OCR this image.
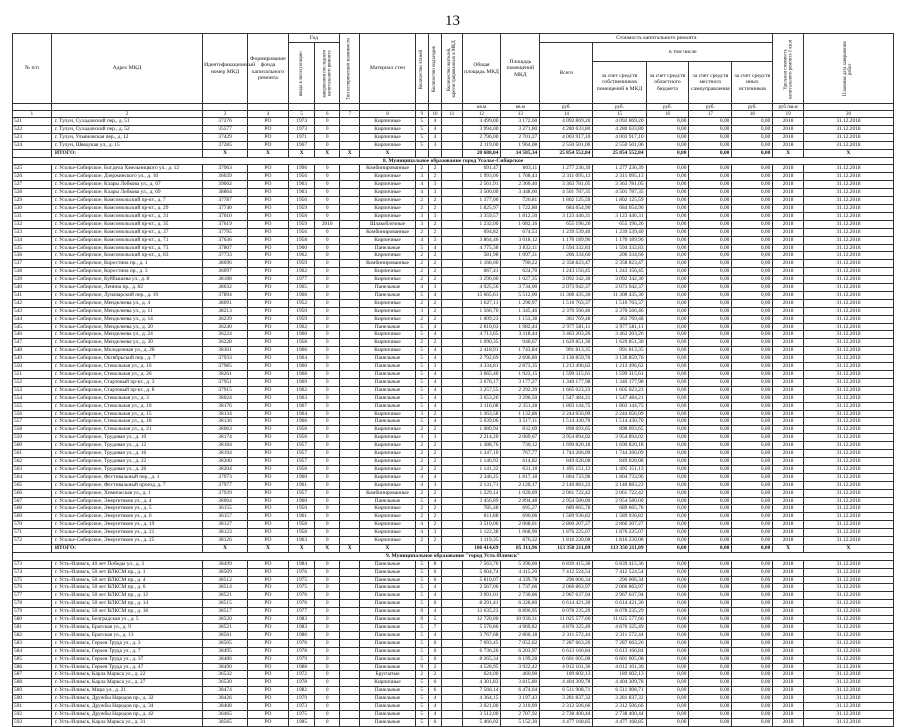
13
№ п/п	Адрес МКД	Идентификационный номер МКД	Формирование фонда капитального ремонта	Год		Тип исторической значимости	Материал стен	Количество этажей	Количество подъездов	Количество жителей, зарегистрированных в МКД	Общая площадь МКД	Площадь помещений МКД	Стоимость капитального ремонта					Удельная стоимость капитального ремонта 1 кв.м	Плановая дата завершения работ
				ввода в эксплуатацию	завершения последнего капитального ремонта								Всего	в том числе					
														за счет средств собственников помещений в МКД	за счет средств областного бюджета	за счет средств местного самоуправления	за счет средств иных источников		
											кв.м	кв.м	руб.	руб.	руб.	руб.	руб.	руб./кв.м	
1	2	3	4	5	6	7	8	9	10	11	12	13	14	15	16	17	18	19	20
521	г. Тулун, Сухадовский пер., д. 51	37276	РО	1973	0		Кирпичные	5	4		3 499,00	3 172,60	4 092 869,20	4 092 869,20	0,00	0,00	0,00	2018	31.12.2018
522	г. Тулун, Сухадовский пер., д. 52	35577	РО	1973	0		Кирпичные	5	4		3 994,00	3 271,80	4 280 633,80	4 280 633,80	0,00	0,00	0,00	2018	31.12.2018
523	г. Тулун, Ульяновская пер., д. 12	37429	РО	1971	0		Кирпичные	5	4		2 796,00	2 701,27	4 003 917,10	4 003 917,10	0,00	0,00	0,00	2018	31.12.2018
524	г. Тулун, Шведская ул., д. 15	37285	РО	1967	0		Кирпичные	5	3		2 119,00	1 964,08	2 550 501,06	2 550 501,06	0,00	0,00	0,00	2018	31.12.2018
	ИТОГО:	X	X	X	X	X	X				20 688,04	14 585,34	25 854 552,84	25 854 552,84	0,00	0,00	0,00	X	X
8. Муниципальное образование город Усолье-Сибирское																			
525	г. Усолье-Сибирское, Бог.дела Хмельницкого ул., д. 12	37963	РО	1996	0		Комбинированные	2	2		691,47	603,11	1 277 236,39	1 277 236,39	0,00	0,00	0,00	2018	31.12.2018
526	г. Усолье-Сибирское, Дзержинского ул., д. 10	36039	РО	1956	0		Кирпичные	3	2		1 993,06	1 768,43	2 311 095,13	2 311 095,13	0,00	0,00	0,00	2018	31.12.2018
527	г. Усолье-Сибирское, Клары Лобкова ул., д. 67	39062	РО	1963	0		Кирпичные	4	3		2 561,91	2 360,40	3 363 781,05	3 363 781,05	0,00	0,00	0,00	2018	31.12.2018
528	г. Усолье-Сибирское, Клары Лобкова ул., д. 69	38864	РО	1963	0		Кирпичные	4	3		3 500,00	3 448,60	4 501 787,35	4 501 787,35	0,00	0,00	0,00	2018	31.12.2018
529	г. Усолье-Сибирское, Комсомольский пр-кт., д. 7	37787	РО	1956	0		Кирпичные	2	2		1 377,06	726,81	1 802 125,59	1 802 125,59	0,00	0,00	0,00	2018	31.12.2018
530	г. Усолье-Сибирское, Комсомольский пр-кт., д. 29	37740	РО	1959	0		Кирпичные	2	2		1 825,97	1 722,80	684 654,90	684 654,90	0,00	0,00	0,00	2018	31.12.2018
531	г. Усолье-Сибирское, Комсомольский пр-кт., д. 31	37610	РО	1958	0		Кирпичные	3	3		3 359,57	1 812,50	3 123 446,31	3 123 446,31	0,00	0,00	0,00	2018	31.12.2018
532	г. Усолье-Сибирское, Комсомольский пр-кт., д. 35	37619	РО	1959	2010		Шлакоблочные	3	2		1 232,00	1 082,16	655 196,26	655 196,26	0,00	0,00	0,00	2018	31.12.2018
533	г. Усолье-Сибирское, Комсомольский пр-кт., д. 37	37795	РО	1956	0		Комбинированные	2	2		694,82	674,53	1 239 539,40	1 239 539,40	0,00	0,00	0,00	2018	31.12.2018
534	г. Усолье-Сибирское, Комсомольский пр-кт., д. 71	37636	РО	1958	0		Кирпичные	4	3		3 864,46	3 018,12	1 170 189,96	1 170 189,96	0,00	0,00	0,00	2018	31.12.2018
535	г. Усолье-Сибирское, Комсомольский пр-кт., д. 73	37807	РО	1960	0		Панельные	5	4		4 775,38	3 832,11	1 594 332,83	1 594 332,83	0,00	0,00	0,00	2018	31.12.2018
536	г. Усолье-Сибирское, Комсомольский пр-кт., д. 83	37733	РО	1962	0		Кирпичные	2	2		581,98	1 097,31	206 334,60	206 334,60	0,00	0,00	0,00	2018	31.12.2018
537	г. Усолье-Сибирское, Коростина пр., д. 1	38696	РО	1959	0		Комбинированные	2	2		1 168,00	790,22	2 358 823,47	2 358 823,47	0,00	0,00	0,00	2018	31.12.2018
538	г. Усолье-Сибирское, Коростина пр., д. 3	36097	РО	1962	0		Кирпичные	2	2		667,41	624,70	1 243 156,45	1 243 156,45	0,00	0,00	0,00	2018	31.12.2018
539	г. Усолье-Сибирское, Куйбышева ул., д. 8	38188	РО	1977	0		Кирпичные	2	2		3 296,00	1 027,35	3 092 342,30	3 092 342,30	0,00	0,00	0,00	2018	31.12.2018
540	г. Усолье-Сибирское, Ленина пр., д. 82	38032	РО	1965	0		Панельные	4	3		4 025,56	3 734,00	2 073 942,37	2 073 942,37	0,00	0,00	0,00	2018	31.12.2018
541	г. Усолье-Сибирское, Луначарский пер., д. 19	37894	РО	1966	0		Панельные	5	4		15 665,61	5 512,00	11 308 435,30	11 308 435,30	0,00	0,00	0,00	2018	31.12.2018
542	г. Усолье-Сибирское, Менделеева ул., д. 4	38091	РО	1952	0		Кирпичные	2	2		1 627,11	1 290,97	1 516 763,37	1 516 763,37	0,00	0,00	0,00	2018	31.12.2018
543	г. Усолье-Сибирское, Менделеева ул., д. 11	38213	РО	1950	0		Кирпичные	3	2		1 566,70	1 345,46	2 370 566,46	2 370 566,46	0,00	0,00	0,00	2018	31.12.2018
544	г. Усолье-Сибирское, Менделеева ул., д. 14	36239	РО	1959	0		Кирпичные	2	2		1 609,23	1 153,38	363 769,48	363 769,48	0,00	0,00	0,00	2018	31.12.2018
545	г. Усолье-Сибирское, Менделеева ул., д. 20	36240	РО	1962	0		Панельные	5	4		2 810,03	1 982,44	2 977 581,11	2 977 581,11	0,00	0,00	0,00	2018	31.12.2018
546	г. Усолье-Сибирское, Менделеева ул., д. 24	36224	РО	1960	0		Кирпичные	5	4		4 713,65	3 118,44	3 463 203,26	3 463 203,26	0,00	0,00	0,00	2018	31.12.2018
547	г. Усолье-Сибирское, Менделеева ул., д. 30	36228	РО	1958	0		Кирпичные	2	2		1 090,35	948,67	1 629 851,30	1 629 851,30	0,00	0,00	0,00	2018	31.12.2018
548	г. Усолье-Сибирское, Молодежная ул., д. 28	38301	РО	1966	0		Кирпичные	5	4		2 418,91	1 743,84	991 813,35	991 813,35	0,00	0,00	0,00	2018	31.12.2018
549	г. Усолье-Сибирское, Октябрьский пер., д. 7	37933	РО	1964	0		Панельные	5	4		2 792,69	2 696,80	3 130 859,76	3 130 859,76	0,00	0,00	0,00	2018	31.12.2018
550	г. Усолье-Сибирское, Стекольная ул., д. 16	37985	РО	1960	0		Панельные	5	3		4 334,81	2 873,35	1 213 496,62	1 213 496,62	0,00	0,00	0,00	2018	31.12.2018
551	г. Усолье-Сибирское, Стекольная ул., д. 26	38261	РО	1968	0		Панельные	5	4		3 665,40	1 923,15	1 599 315,61	1 599 315,61	0,00	0,00	0,00	2018	31.12.2018
552	г. Усолье-Сибирское, Стартовый пр-кт., д. 3	37951	РО	1969	0		Панельные	5	4		3 676,17	3 177,27	1 340 177,98	1 340 177,98	0,00	0,00	0,00	2018	31.12.2018
553	г. Усолье-Сибирское, Стартовый пр-кт., д. 8	37915	РО	1962	0		Панельные	5	4		3 257,55	2 292,39	1 605 023,23	1 605 023,23	0,00	0,00	0,00	2018	31.12.2018
554	г. Усолье-Сибирское, Стекольная ул., д. 3	38024	РО	1963	0		Панельные	5	4		3 653,26	3 296,50	1 547 484,21	1 547 484,21	0,00	0,00	0,00	2018	31.12.2018
555	г. Усолье-Сибирское, Стекольная ул., д. 10	38176	РО	1967	0		Панельные	5	4		3 116,08	2 351,28	1 803 144,75	1 803 144,75	0,00	0,00	0,00	2018	31.12.2018
556	г. Усолье-Сибирское, Стекольная ул., д. 15	38134	РО	1964	0		Кирпичные	3	2		1 363,58	1 132,86	2 244 656,09	2 244 656,09	0,00	0,00	0,00	2018	31.12.2018
557	г. Усолье-Сибирское, Стекольная ул., д. 18	38136	РО	1966	0		Панельные	5	4		5 039,06	3 517,11	1 514 430,70	1 514 430,70	0,00	0,00	0,00	2018	31.12.2018
558	г. Усолье-Сибирское, Стекольная ул., д. 21	38063	РО	1958	0		Кирпичные	2	2		1 080,94	832,69	898 693,65	898 693,65	0,00	0,00	0,00	2018	31.12.2018
559	г. Усолье-Сибирское, Трудовая ул., д. 10	38174	РО	1956	0		Кирпичные	3	3		2 214,20	2 069,67	3 954 894,02	3 954 894,02	0,00	0,00	0,00	2018	31.12.2018
560	г. Усолье-Сибирское, Трудовая ул., д. 12	38184	РО	1957	0		Кирпичные	2	2		1 388,76	730,12	1 690 820,18	1 690 820,18	0,00	0,00	0,00	2018	31.12.2018
561	г. Усолье-Сибирское, Трудовая ул., д. 16	38194	РО	1957	0		Кирпичные	2	2		1 347,10	767,77	1 744 266,09	1 744 266,09	0,00	0,00	0,00	2018	31.12.2018
562	г. Усолье-Сибирское, Трудовая ул., д. 22	38200	РО	1957	0		Кирпичные	2	2		1 146,93	614,82	849 028,08	849 028,08	0,00	0,00	0,00	2018	31.12.2018
563	г. Усолье-Сибирское, Трудовая ул., д. 26	38204	РО	1958	0		Кирпичные	2	2		1 141,32	631,18	1 495 151,13	1 495 151,13	0,00	0,00	0,00	2018	31.12.2018
564	г. Усолье-Сибирское, Фестивальный пер., д. 1	37973	РО	1960	0		Кирпичные	4	4		2 346,25	1 817,18	1 804 733,96	1 804 733,96	0,00	0,00	0,00	2018	31.12.2018
565	г. Усолье-Сибирское, Фестивальный проезд, д. 7	37977	РО	1961	0		Кирпичные	4	3		2 131,71	2 120,17	2 140 883,23	2 140 883,23	0,00	0,00	0,00	2018	31.12.2018
566	г. Усолье-Сибирское, Химическая ул., д. 1	37939	РО	1957	0		Комбинированные	2	2		1 229,14	1 020,69	2 061 722,42	2 061 722,42	0,00	0,00	0,00	2018	31.12.2018
567	г. Усолье-Сибирское, Энергетиков ул., д. 4	38064	РО	1960	0		Панельные	5	4		3 456,89	2 894,48	2 954 580,00	2 954 580,00	0,00	0,00	0,00	2018	31.12.2018
568	г. Усолье-Сибирское, Энергетиков ул., д. 5	36155	РО	1950	0		Кирпичные	2	2		785,48	695,27	689 665,78	689 665,78	0,00	0,00	0,00	2018	31.12.2018
569	г. Усолье-Сибирское, Энергетиков ул., д. 6	36157	РО	1961	0		Кирпичные	2	2		811,88	690,06	1 589 936,82	1 589 936,82	0,00	0,00	0,00	2018	31.12.2018
570	г. Усолье-Сибирское, Энергетиков ул., д. 19	38127	РО	1958	0		Кирпичные	4	2		3 510,06	2 068,01	2 860 207,27	2 860 207,27	0,00	0,00	0,00	2018	31.12.2018
571	г. Усолье-Сибирское, Энергетиков ул., д. 21	38123	РО	1958	0		Кирпичные	4	3		1 122,38	1 068,90	1 876 225,07	1 876 225,07	0,00	0,00	0,00	2018	31.12.2018
572	г. Усолье-Сибирское, Энергетиков ул., д. 25	38126	РО	1963	0		Кирпичные	2	2		1 119,35	876,32	1 816 230,08	1 816 230,08	0,00	0,00	0,00	2018	31.12.2018
	ИТОГО:	X	X	X	X	X	X				106 414,69	85 311,96	113 350 211,09	113 350 211,09	0,00	0,00	0,00	X	X
9. Муниципальное образование "город Усть-Илимск"																			
573	г. Усть-Илимск, 40 лет Победы ул., д. 3	38499	РО	1984	0		Панельные	5	8		7 563,70	5 396,00	6 839 415,36	6 839 415,36	0,00	0,00	0,00	2018	31.12.2018
574	г. Усть-Илимск, 50 лет ВЛКСМ пр., д. 1	38509	РО	1976	0		Панельные	5	6		5 604,74	4 415,20	7 412 524,54	7 412 524,54	0,00	0,00	0,00	2018	31.12.2018
575	г. Усть-Илимск, 50 лет ВЛКСМ пр., д. 4	38512	РО	1975	0		Панельные	5	6		5 810,07	4 339,78	296 006,34	296 006,34	0,00	0,00	0,00	2018	31.12.2018
576	г. Усть-Илимск, 50 лет ВЛКСМ пр., д. 6	38514	РО	1975	0		Панельные	5	4		2 567,06	1 737,66	2 066 863,97	2 066 863,97	0,00	0,00	0,00	2018	31.12.2018
577	г. Усть-Илимск, 50 лет ВЛКСМ пр., д. 12	38521	РО	1976	0		Панельные	5	4		3 091,01	2 730,86	2 967 637,94	2 967 637,94	0,00	0,00	0,00	2018	31.12.2018
578	г. Усть-Илимск, 50 лет ВЛКСМ пр., д. 14	38515	РО	1976	0		Панельные	5	6		8 291,41	6 328,80	6 614 421,30	6 614 421,30	0,00	0,00	0,00	2018	31.12.2018
579	г. Усть-Илимск, 50 лет ВЛКСМ пр., д. 18	38517	РО	1977	0		Панельные	9	4		13 635,23	8 896,95	8 078 235,29	8 078 235,29	0,00	0,00	0,00	2018	31.12.2018
580	г. Усть-Илимск, Белградская ул., д. 5	38520	РО	1983	0		Панельные	9	5		12 720,00	10 930,31	11 025 577,66	11 025 577,66	0,00	0,00	0,00	2018	31.12.2018
581	г. Усть-Илимск, Братская ул., д. 9	38521	РО	1983	0		Панельные	5	7		5 576,86	4 969,82	4 870 325,49	4 870 325,49	0,00	0,00	0,00	2018	31.12.2018
582	г. Усть-Илимск, Братская ул., д. 13	38561	РО	1986	0		Панельные	5	4		3 767,68	2 860,18	2 311 572,44	2 311 572,44	0,00	0,00	0,00	2018	31.12.2018
583	г. Усть-Илимск, Героев Труда ул., д. 3	38505	РО	1976	0		Панельные	5	6		7 693,45	7 052,62	7 287 663,26	7 287 663,26	0,00	0,00	0,00	2018	31.12.2018
584	г. Усть-Илимск, Героев Труда ул., д. 7	38495	РО	1978	0		Панельные	5	6		6 736,26	6 203,97	6 613 166,84	6 613 166,84	0,00	0,00	0,00	2018	31.12.2018
585	г. Усть-Илимск, Героев Труда ул., д. 37	38486	РО	1979	0		Панельные	5	6		8 265,34	6 199,28	6 601 005,08	6 601 005,08	0,00	0,00	0,00	2018	31.12.2018
586	г. Усть-Илимск, Героев Труда ул., д. 47	38490	РО	1988	0		Панельные	9	2		4 528,95	3 922,42	4 012 101,36	4 012 101,36	0,00	0,00	0,00	2018	31.12.2018
587	г. Усть-Илимск, Карла Маркса ул., д. 22	36532	РО	1972	0		Брусчатые	2	2		624,00	460,00	189 602,13	189 602,13	0,00	0,00	0,00	2018	31.12.2018
588	г. Усть-Илимск, Карла Маркса ул., д. 27	36530	РО	1978	0		Кирпичные	5	6		4 301,83	3 815,80	4 404 309,78	4 404 309,78	0,00	0,00	0,00	2018	31.12.2018
589	г. Усть-Илимск, Мира ул., д. 21	38474	РО	1982	0		Панельные	5	6		7 566,14	6 474,64	6 511 908,71	6 511 908,71	0,00	0,00	0,00	2018	31.12.2018
590	г. Усть-Илимск, Дружбы Народов пр., д. 32	38426	РО	1979	0		Панельные	5	4		4 364,15	3 197,43	3 281 837,32	3 281 837,32	0,00	0,00	0,00	2018	31.12.2018
591	г. Усть-Илимск, Дружбы Народов пр., д. 34	38408	РО	1973	0		Панельные	5	4		3 021,00	2 310,09	2 312 506,66	2 312 506,66	0,00	0,00	0,00	2018	31.12.2018
592	г. Усть-Илимск, Дружбы Народов пр., д. 42	36465	РО	1975	0		Панельные	5	4		3 512,00	2 707,92	2 738 400,44	2 738 400,44	0,00	0,00	0,00	2018	31.12.2018
593	г. Усть-Илимск, Карла Маркса ул., д. 31	38565	РО	1985	0		Панельные	5	6		5 466,02	5 152,30	4 477 168,85	4 477 168,85	0,00	0,00	0,00	2018	31.12.2018
